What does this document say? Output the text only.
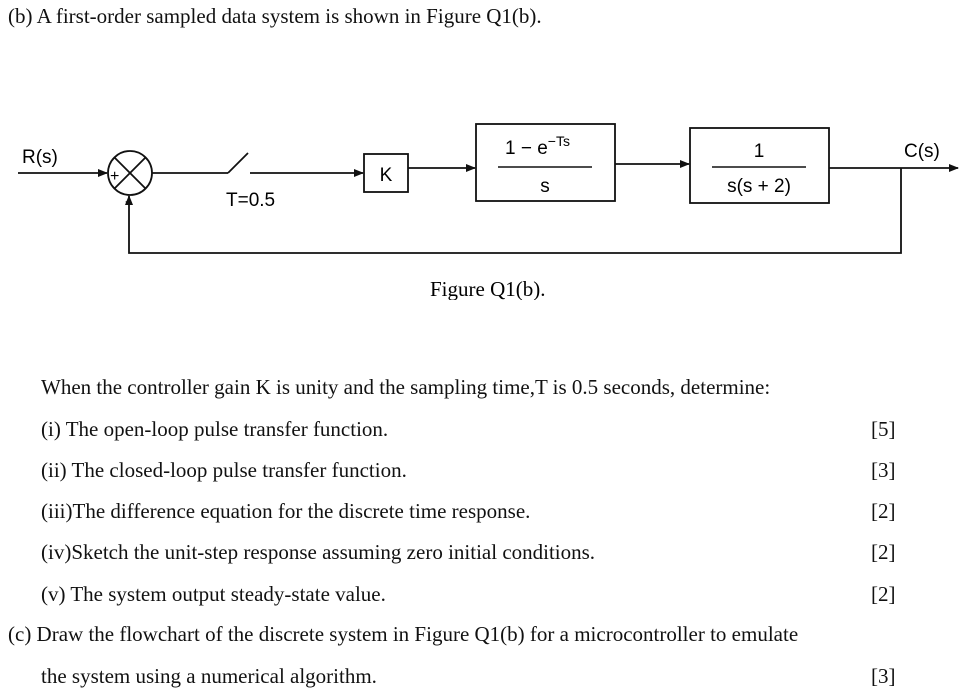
(b) A first-order sampled data system is shown in Figure Q1(b).
R(s)
+
-	T=0.5
K
$1 - e^{-Ts}$
s
1
s(s + 2)
C(s)
Figure Q1(b).
When the controller gain K is unity and the sampling time,T is 0.5 seconds, determine:
(i) The open-loop pulse transfer function.	[5]
(ii) The closed-loop pulse transfer function.	[3]
(iii)The difference equation for the discrete time response.	[2]
(iv)Sketch the unit-step response assuming zero initial conditions.	[2]
(v) The system output steady-state value.	[2]
(c) Draw the flowchart of the discrete system in Figure Q1(b) for a microcontroller to emulate
the system using a numerical algorithm.	[3]
